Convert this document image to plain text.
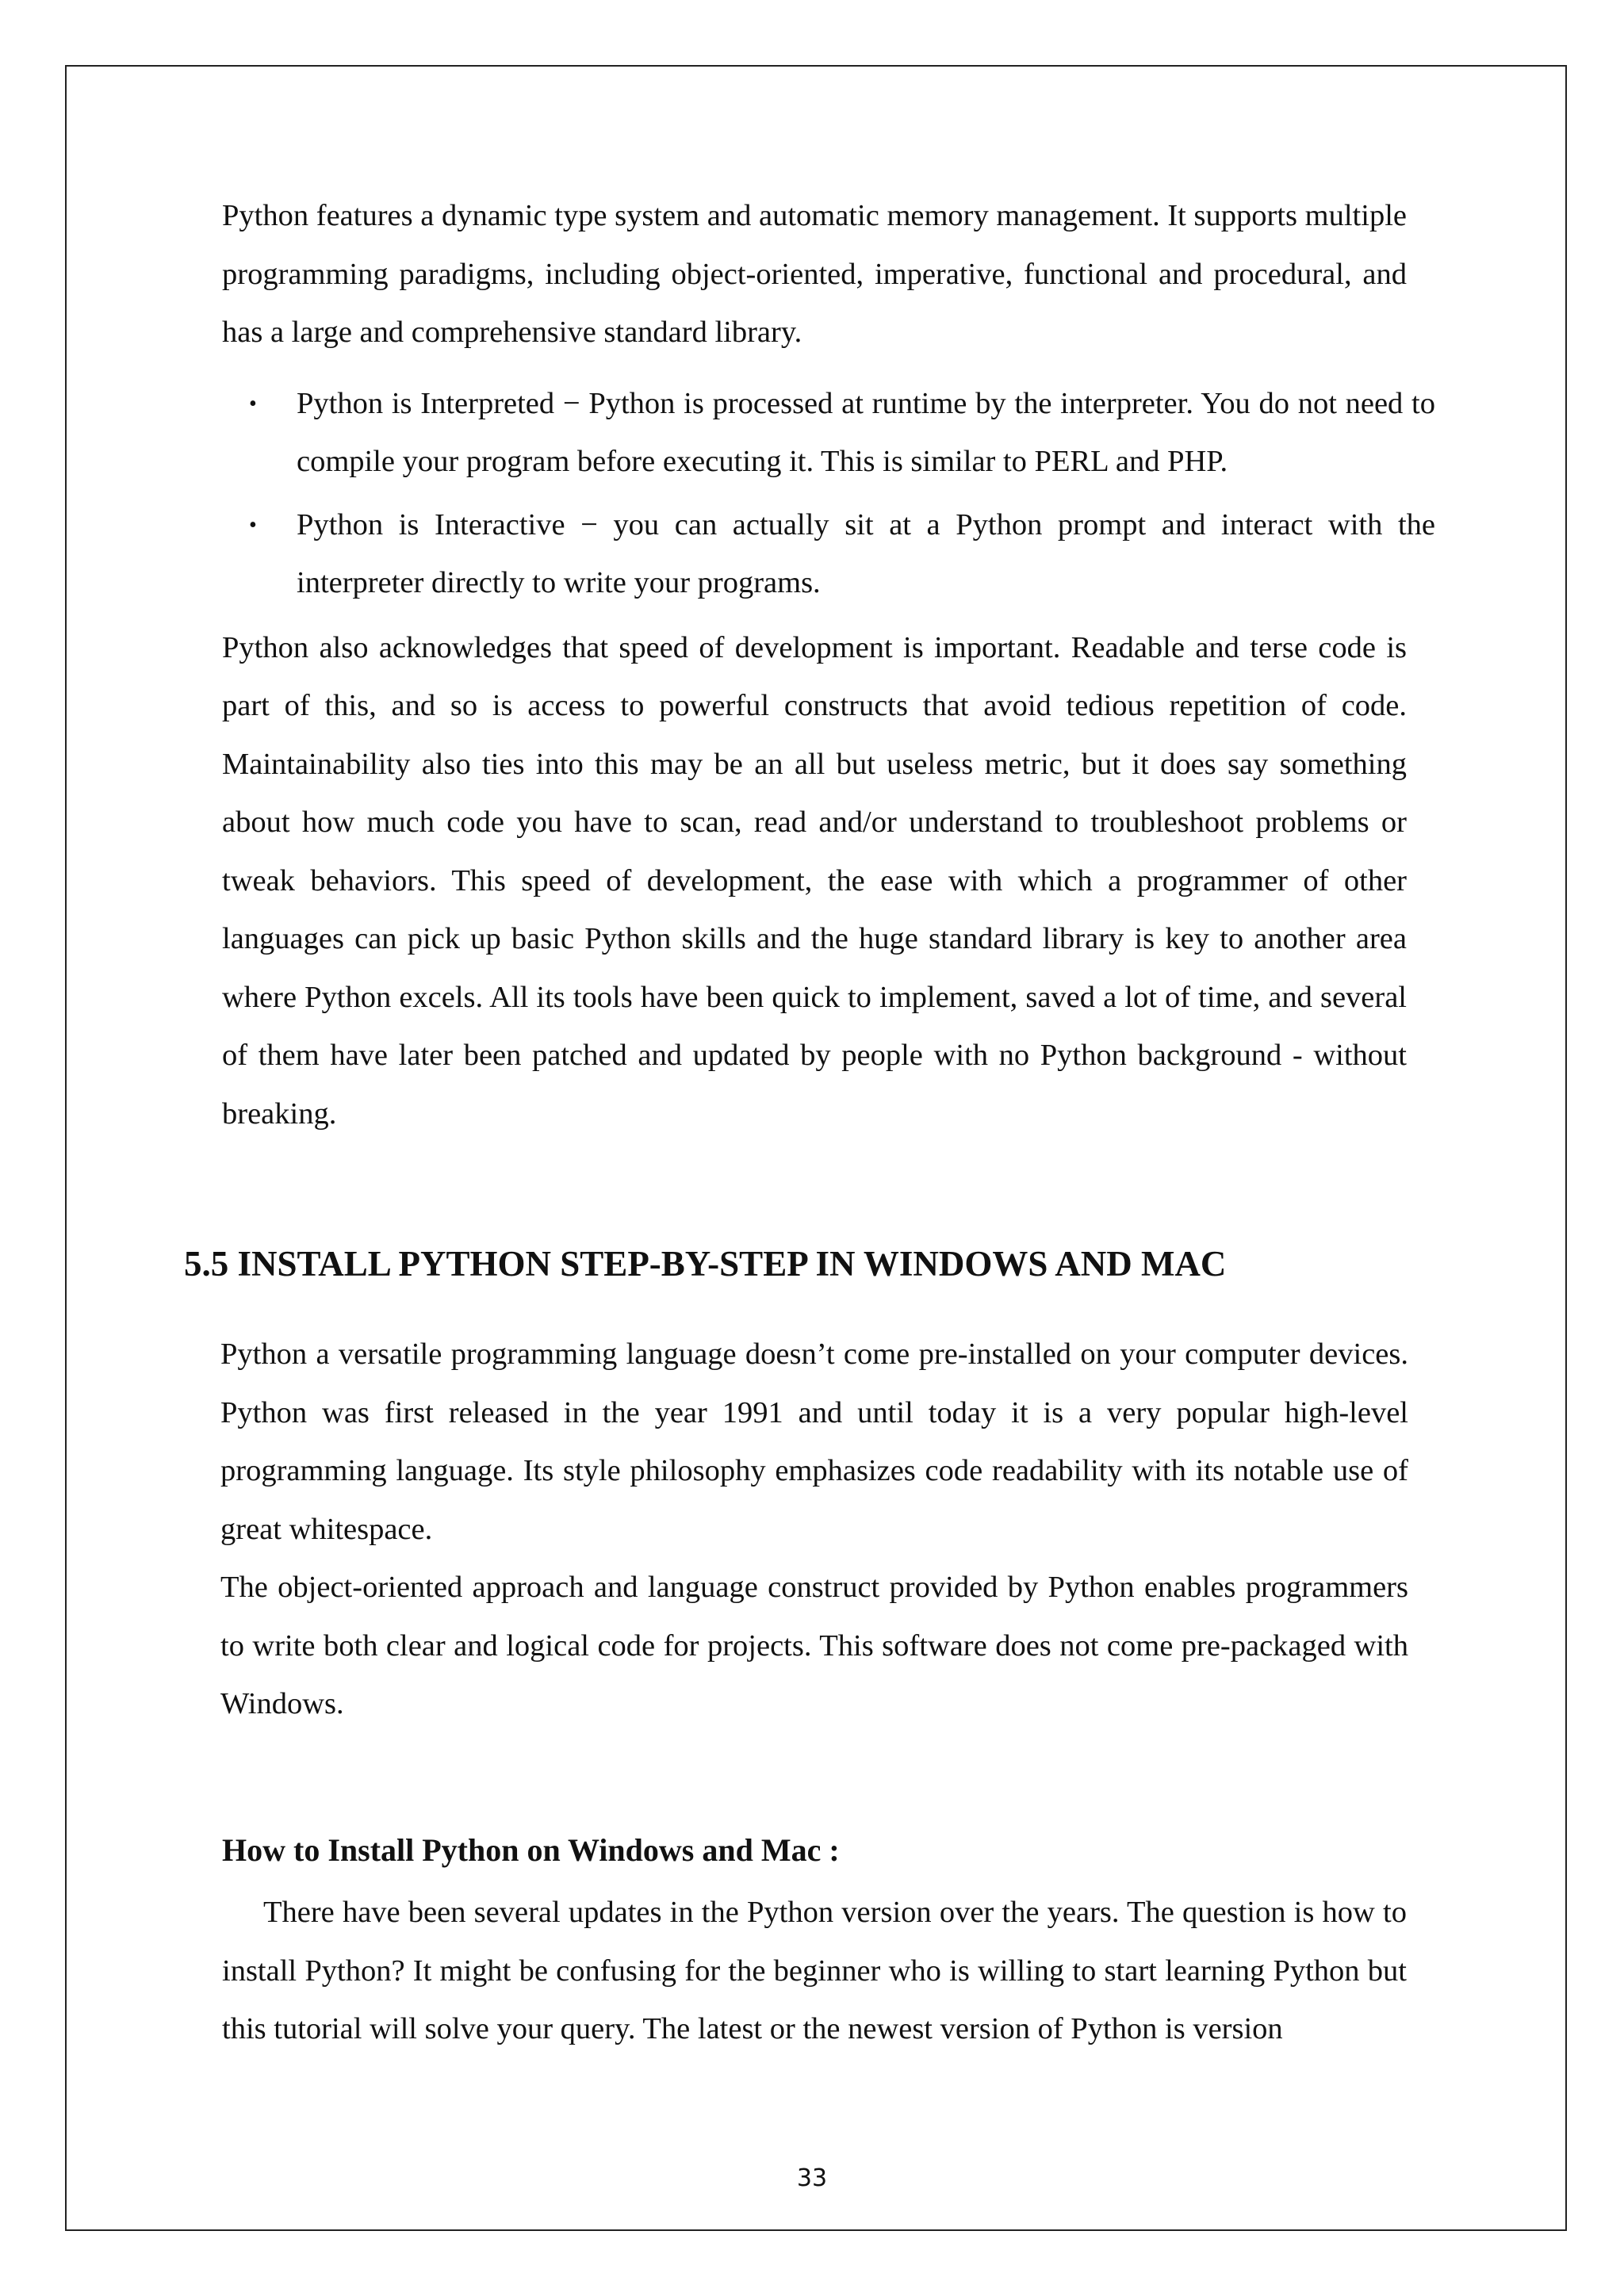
Python features a dynamic type system and automatic memory management. It supports multiple programming paradigms, including object-oriented, imperative, functional and procedural, and has a large and comprehensive standard library.

• Python is Interpreted − Python is processed at runtime by the interpreter. You do not need to compile your program before executing it. This is similar to PERL and PHP.
• Python is Interactive − you can actually sit at a Python prompt and interact with the interpreter directly to write your programs.

Python also acknowledges that speed of development is important. Readable and terse code is part of this, and so is access to powerful constructs that avoid tedious repetition of code. Maintainability also ties into this may be an all but useless metric, but it does say something about how much code you have to scan, read and/or understand to troubleshoot problems or tweak behaviors. This speed of development, the ease with which a programmer of other languages can pick up basic Python skills and the huge standard library is key to another area where Python excels. All its tools have been quick to implement, saved a lot of time, and several of them have later been patched and updated by people with no Python background - without breaking.

5.5 INSTALL PYTHON STEP-BY-STEP IN WINDOWS AND MAC

Python a versatile programming language doesn’t come pre-installed on your computer devices. Python was first released in the year 1991 and until today it is a very popular high-level programming language. Its style philosophy emphasizes code readability with its notable use of great whitespace.

The object-oriented approach and language construct provided by Python enables programmers to write both clear and logical code for projects. This software does not come pre-packaged with Windows.

How to Install Python on Windows and Mac :

There have been several updates in the Python version over the years. The question is how to install Python? It might be confusing for the beginner who is willing to start learning Python but this tutorial will solve your query. The latest or the newest version of Python is version

33
